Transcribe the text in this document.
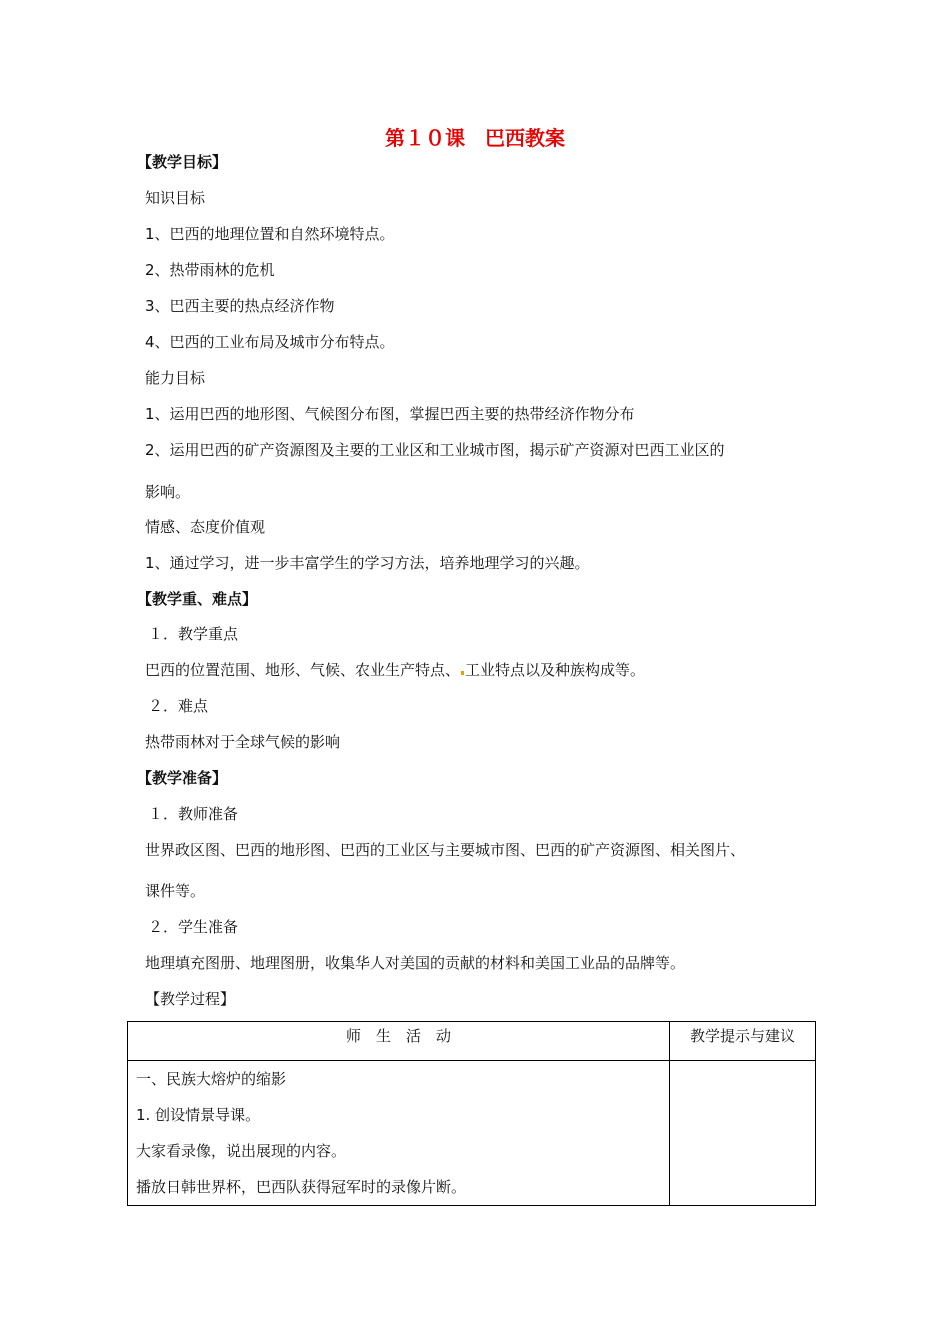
第１０课　巴西教案
【教学目标】
知识目标
1、巴西的地理位置和自然环境特点。
2、热带雨林的危机
3、巴西主要的热点经济作物
4、巴西的工业布局及城市分布特点。
能力目标
1、运用巴西的地形图、气候图分布图，掌握巴西主要的热带经济作物分布
2、运用巴西的矿产资源图及主要的工业区和工业城市图，揭示矿产资源对巴西工业区的
影响。
情感、态度价值观
1、通过学习，进一步丰富学生的学习方法，培养地理学习的兴趣。
【教学重、难点】
１．教学重点
巴西的位置范围、地形、气候、农业生产特点、 工业特点以及种族构成等。
２．难点
热带雨林对于全球气候的影响
【教学准备】
１．教师准备
世界政区图、巴西的地形图、巴西的工业区与主要城市图、巴西的矿产资源图、相关图片、
课件等。
２．学生准备
地理填充图册、地理图册，收集华人对美国的贡献的材料和美国工业品的品牌等。
【教学过程】
师　生　活　动	教学提示与建议

一、民族大熔炉的缩影

1. 创设情景导课。

大家看录像，说出展现的内容。

播放日韩世界杯，巴西队获得冠军时的录像片断。	
